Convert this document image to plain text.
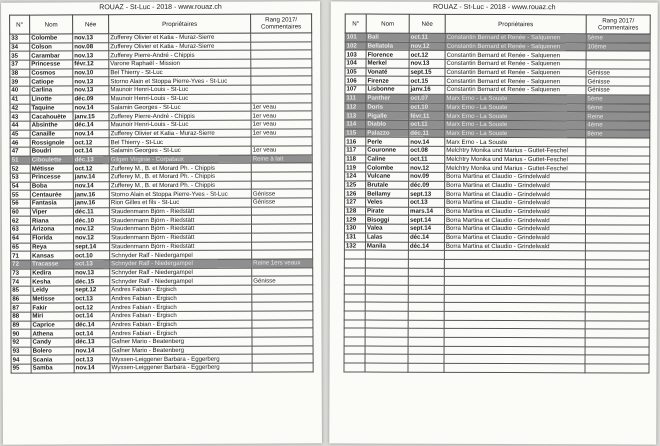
ROUAZ - St-Luc - 2018 - www.rouaz.ch
N°	Nom	Née	Propriétaires	Rang 2017/ Commentaires
33	Colombe	nov.13	Zufferey Olivier et Katia - Muraz-Sierre	
34	Colson	nov.08	Zufferey Olivier et Katia - Muraz-Sierre	
35	Carambar	nov.13	Zufferey Pierre-André - Chippis	
37	Princesse	févr.12	Varone Raphaël - Mission	
38	Cosmos	nov.10	Bel Thierry - St-Luc	
39	Catiope	nov.13	Storno Alain et Stoppa Pierre-Yves - St-Luc	
40	Carlina	nov.13	Maunoir Henri-Louis - St-Luc	
41	Linotte	déc.09	Maunoir Henri-Louis - St-Luc	
42	Taquine	nov.14	Salamin Georges - St-Luc	1er veau
43	Cacahouète	janv.15	Zufferey Pierre-André - Chippis	1er veau
44	Absinthe	déc.14	Maunoir Henri-Louis - St-Luc	1er veau
45	Canaille	nov.14	Zufferey Olivier et Katia - Muraz-Sierre	1er veau
46	Rossignole	oct.12	Bel Thierry - St-Luc	
47	Boudri	oct.14	Salamin Georges - St-Luc	1er veau
51	Ciboulette	déc.13	Gilgen Virginie - Corpataux	Reine à lait
52	Métisse	oct.12	Zufferey M., B. et Morard Ph. - Chippis	
53	Princesse	janv.14	Zufferey M., B. et Morard Ph. - Chippis	
54	Boba	nov.14	Zufferey M., B. et Morard Ph. - Chippis	
55	Centaurée	janv.16	Storno Alain et Stoppa Pierre-Yves - St-Luc	Génisse
56	Fantasia	janv.16	Rion Gilles et fils - St-Luc	Génisse
60	Viper	déc.11	Staudenmann Björn - Riedstätt	
62	Riana	déc.10	Staudenmann Björn - Riedstätt	
63	Arizona	nov.12	Staudenmann Björn - Riedstätt	
64	Florida	nov.12	Staudenmann Björn - Riedstätt	
65	Reya	sept.14	Staudenmann Björn - Riedstätt	
71	Kansas	oct.10	Schnyder Ralf - Niedergampel	
72	Tracasse	oct.13	Schnyder Ralf - Niedergampel	Reine 1ers veaux
73	Kedira	nov.13	Schnyder Ralf - Niedergampel	
74	Kesha	déc.15	Schnyder Ralf - Niedergampel	Génisse
85	Leidy	sept.12	Andres Fabian - Ergisch	
86	Metisse	oct.13	Andres Fabian - Ergisch	
87	Fakir	oct.12	Andres Fabian - Ergisch	
88	Miri	oct.14	Andres Fabian - Ergisch	
89	Caprice	déc.14	Andres Fabian - Ergisch	
90	Athena	oct.14	Andres Fabian - Ergisch	
92	Candy	déc.13	Gafner Mario - Beatenberg	
93	Bolero	nov.14	Gafner Mario - Beatenberg	
94	Scania	oct.13	Wyssen-Leiggener Barbara - Eggerberg	
95	Samba	nov.14	Wyssen-Leiggener Barbara - Eggerberg	
ROUAZ - St-Luc - 2018 - www.rouaz.ch
N°	Nom	Née	Propriétaires	Rang 2017/ Commentaires
101	Bali	oct.11	Constantin Bernard et Renée - Salquenen	5ème
102	Bellatola	nov.12	Constantin Bernard et Renée - Salquenen	10ème
103	Florence	oct.12	Constantin Bernard et Renée - Salquenen	
104	Merkel	nov.13	Constantin Bernard et Renée - Salquenen	
105	Vonaté	sept.15	Constantin Bernard et Renée - Salquenen	Génisse
106	Firenze	oct.15	Constantin Bernard et Renée - Salquenen	Génisse
107	Lisbonne	janv.16	Constantin Bernard et Renée - Salquenen	Génisse
111	Panther	oct.07	Marx Erno - La Souste	5ème
112	Doris	oct.10	Marx Erno - La Souste	6ème
113	Pigalle	févr.11	Marx Erno - La Souste	Reine
114	Diablo	oct.11	Marx Erno - La Souste	4ème
115	Palazzo	déc.11	Marx Erno - La Souste	8ème
116	Perle	nov.14	Marx Erno - La Souste	
117	Couronne	oct.08	Melchtry Monika und Marius - Guttet-Feschel	
118	Caline	oct.11	Melchtry Monika und Marius - Guttet-Feschel	
119	Colombe	nov.12	Melchtry Monika und Marius - Guttet-Feschel	
124	Vulcane	nov.09	Borra Martina et Claudio - Grindelwald	
125	Brutale	déc.09	Borra Martina et Claudio - Grindelwald	
126	Bellamy	sept.13	Borra Martina et Claudio - Grindelwald	
127	Veles	oct.13	Borra Martina et Claudio - Grindelwald	
128	Pirate	mars.14	Borra Martina et Claudio - Grindelwald	
129	Bisoggi	sept.14	Borra Martina et Claudio - Grindelwald	
130	Valea	sept.14	Borra Martina et Claudio - Grindelwald	
131	Lalas	déc.14	Borra Martina et Claudio - Grindelwald	
132	Manila	déc.14	Borra Martina et Claudio - Grindelwald	
